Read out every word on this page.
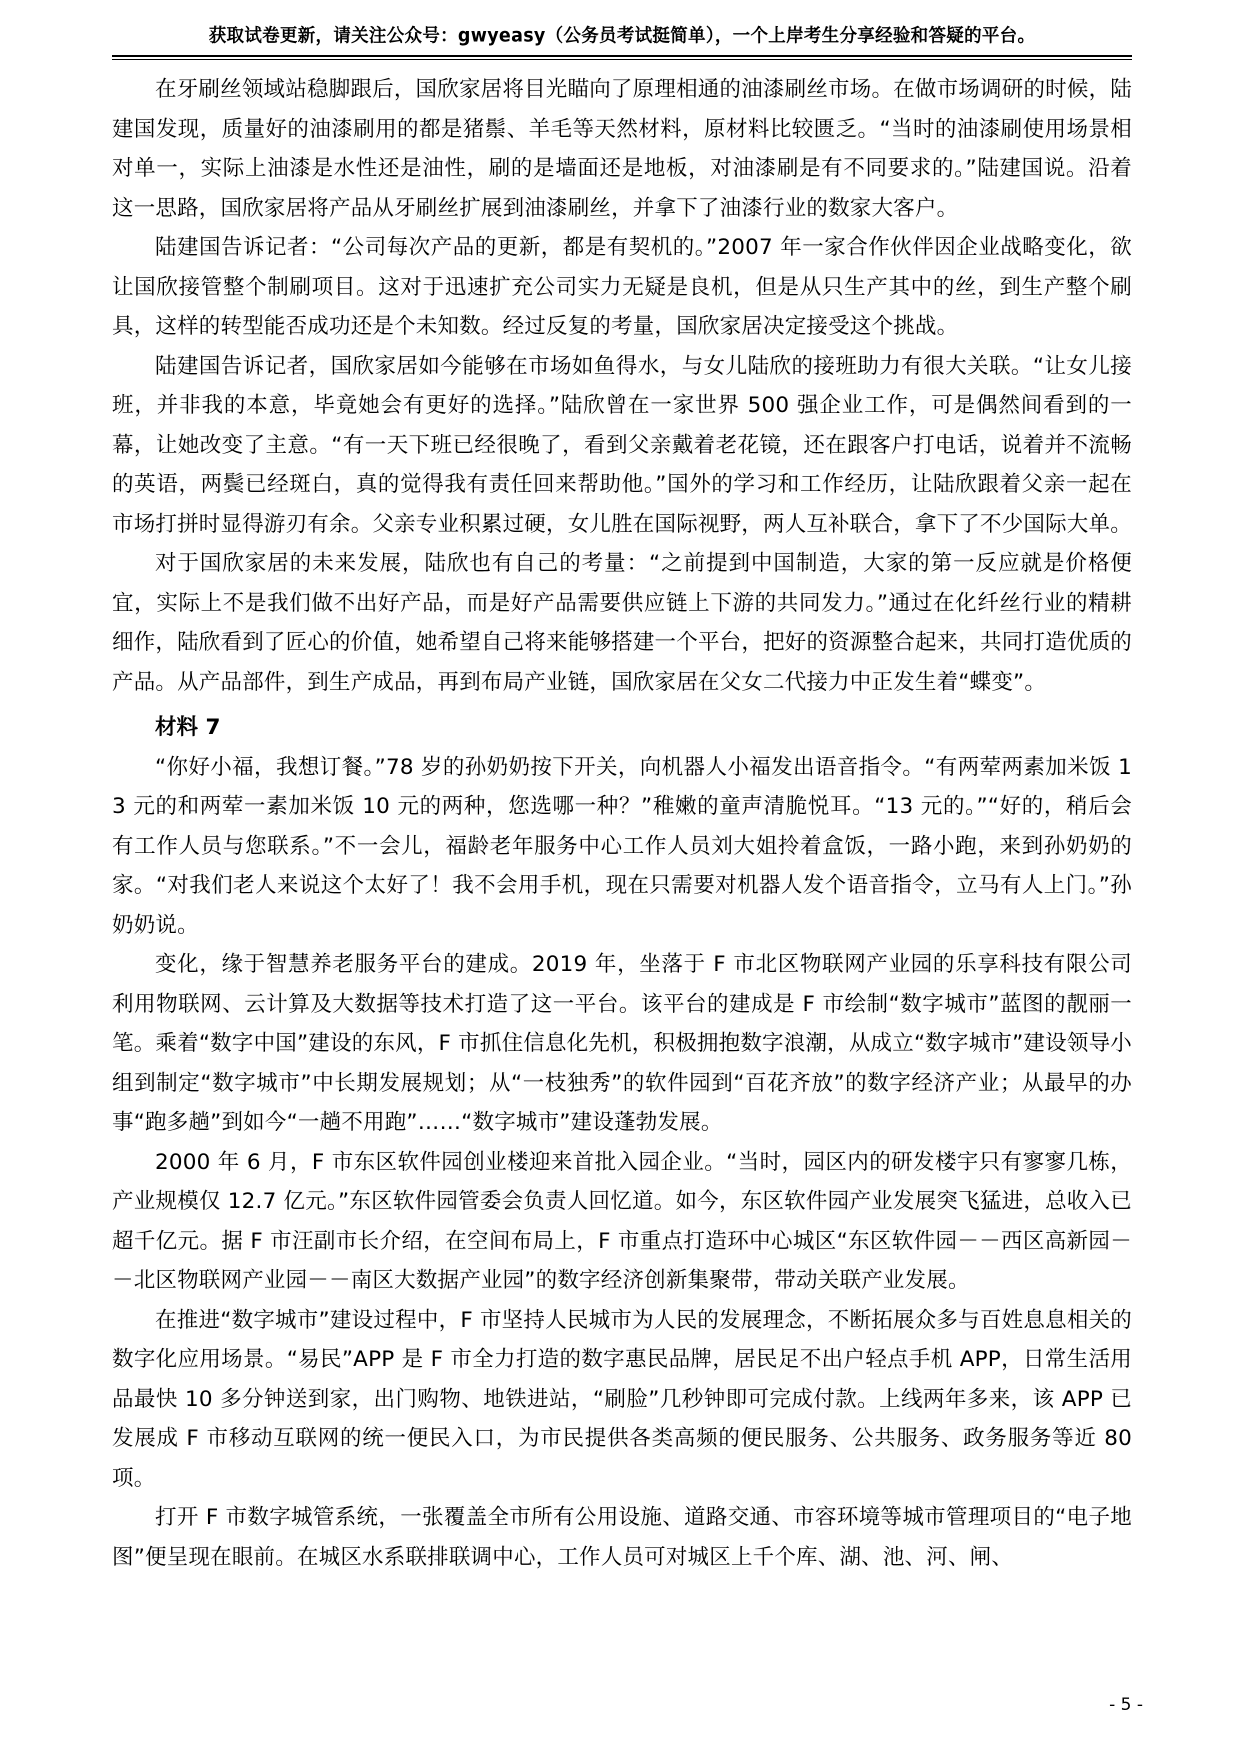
获取试卷更新，请关注公众号：gwyeasy（公务员考试挺简单），一个上岸考生分享经验和答疑的平台。

在牙刷丝领域站稳脚跟后，国欣家居将目光瞄向了原理相通的油漆刷丝市场。在做市场调研的时候，陆建国发现，质量好的油漆刷用的都是猪鬃、羊毛等天然材料，原材料比较匮乏。“当时的油漆刷使用场景相对单一，实际上油漆是水性还是油性，刷的是墙面还是地板，对油漆刷是有不同要求的。”陆建国说。沿着这一思路，国欣家居将产品从牙刷丝扩展到油漆刷丝，并拿下了油漆行业的数家大客户。

陆建国告诉记者：“公司每次产品的更新，都是有契机的。”2007 年一家合作伙伴因企业战略变化，欲让国欣接管整个制刷项目。这对于迅速扩充公司实力无疑是良机，但是从只生产其中的丝，到生产整个刷具，这样的转型能否成功还是个未知数。经过反复的考量，国欣家居决定接受这个挑战。

陆建国告诉记者，国欣家居如今能够在市场如鱼得水，与女儿陆欣的接班助力有很大关联。“让女儿接班，并非我的本意，毕竟她会有更好的选择。”陆欣曾在一家世界 500 强企业工作，可是偶然间看到的一幕，让她改变了主意。“有一天下班已经很晚了，看到父亲戴着老花镜，还在跟客户打电话，说着并不流畅的英语，两鬓已经斑白，真的觉得我有责任回来帮助他。”国外的学习和工作经历，让陆欣跟着父亲一起在市场打拼时显得游刃有余。父亲专业积累过硬，女儿胜在国际视野，两人互补联合，拿下了不少国际大单。

对于国欣家居的未来发展，陆欣也有自己的考量：“之前提到中国制造，大家的第一反应就是价格便宜，实际上不是我们做不出好产品，而是好产品需要供应链上下游的共同发力。”通过在化纤丝行业的精耕细作，陆欣看到了匠心的价值，她希望自己将来能够搭建一个平台，把好的资源整合起来，共同打造优质的产品。从产品部件，到生产成品，再到布局产业链，国欣家居在父女二代接力中正发生着“蝶变”。

材料 7

“你好小福，我想订餐。”78 岁的孙奶奶按下开关，向机器人小福发出语音指令。“有两荤两素加米饭 13 元的和两荤一素加米饭 10 元的两种，您选哪一种？”稚嫩的童声清脆悦耳。“13 元的。”“好的，稍后会有工作人员与您联系。”不一会儿，福龄老年服务中心工作人员刘大姐拎着盒饭，一路小跑，来到孙奶奶的家。“对我们老人来说这个太好了！我不会用手机，现在只需要对机器人发个语音指令，立马有人上门。”孙奶奶说。

变化，缘于智慧养老服务平台的建成。2019 年，坐落于 F 市北区物联网产业园的乐享科技有限公司利用物联网、云计算及大数据等技术打造了这一平台。该平台的建成是 F 市绘制“数字城市”蓝图的靓丽一笔。乘着“数字中国”建设的东风，F 市抓住信息化先机，积极拥抱数字浪潮，从成立“数字城市”建设领导小组到制定“数字城市”中长期发展规划；从“一枝独秀”的软件园到“百花齐放”的数字经济产业；从最早的办事“跑多趟”到如今“一趟不用跑”……“数字城市”建设蓬勃发展。

2000 年 6 月，F 市东区软件园创业楼迎来首批入园企业。“当时，园区内的研发楼宇只有寥寥几栋，产业规模仅 12.7 亿元。”东区软件园管委会负责人回忆道。如今，东区软件园产业发展突飞猛进，总收入已超千亿元。据 F 市汪副市长介绍，在空间布局上，F 市重点打造环中心城区“东区软件园－－西区高新园－－北区物联网产业园－－南区大数据产业园”的数字经济创新集聚带，带动关联产业发展。

在推进“数字城市”建设过程中，F 市坚持人民城市为人民的发展理念，不断拓展众多与百姓息息相关的数字化应用场景。“易民”APP 是 F 市全力打造的数字惠民品牌，居民足不出户轻点手机 APP，日常生活用品最快 10 多分钟送到家，出门购物、地铁进站，“刷脸”几秒钟即可完成付款。上线两年多来，该 APP 已发展成 F 市移动互联网的统一便民入口，为市民提供各类高频的便民服务、公共服务、政务服务等近 80 项。

打开 F 市数字城管系统，一张覆盖全市所有公用设施、道路交通、市容环境等城市管理项目的“电子地图”便呈现在眼前。在城区水系联排联调中心，工作人员可对城区上千个库、湖、池、河、闸、

- 5 -
